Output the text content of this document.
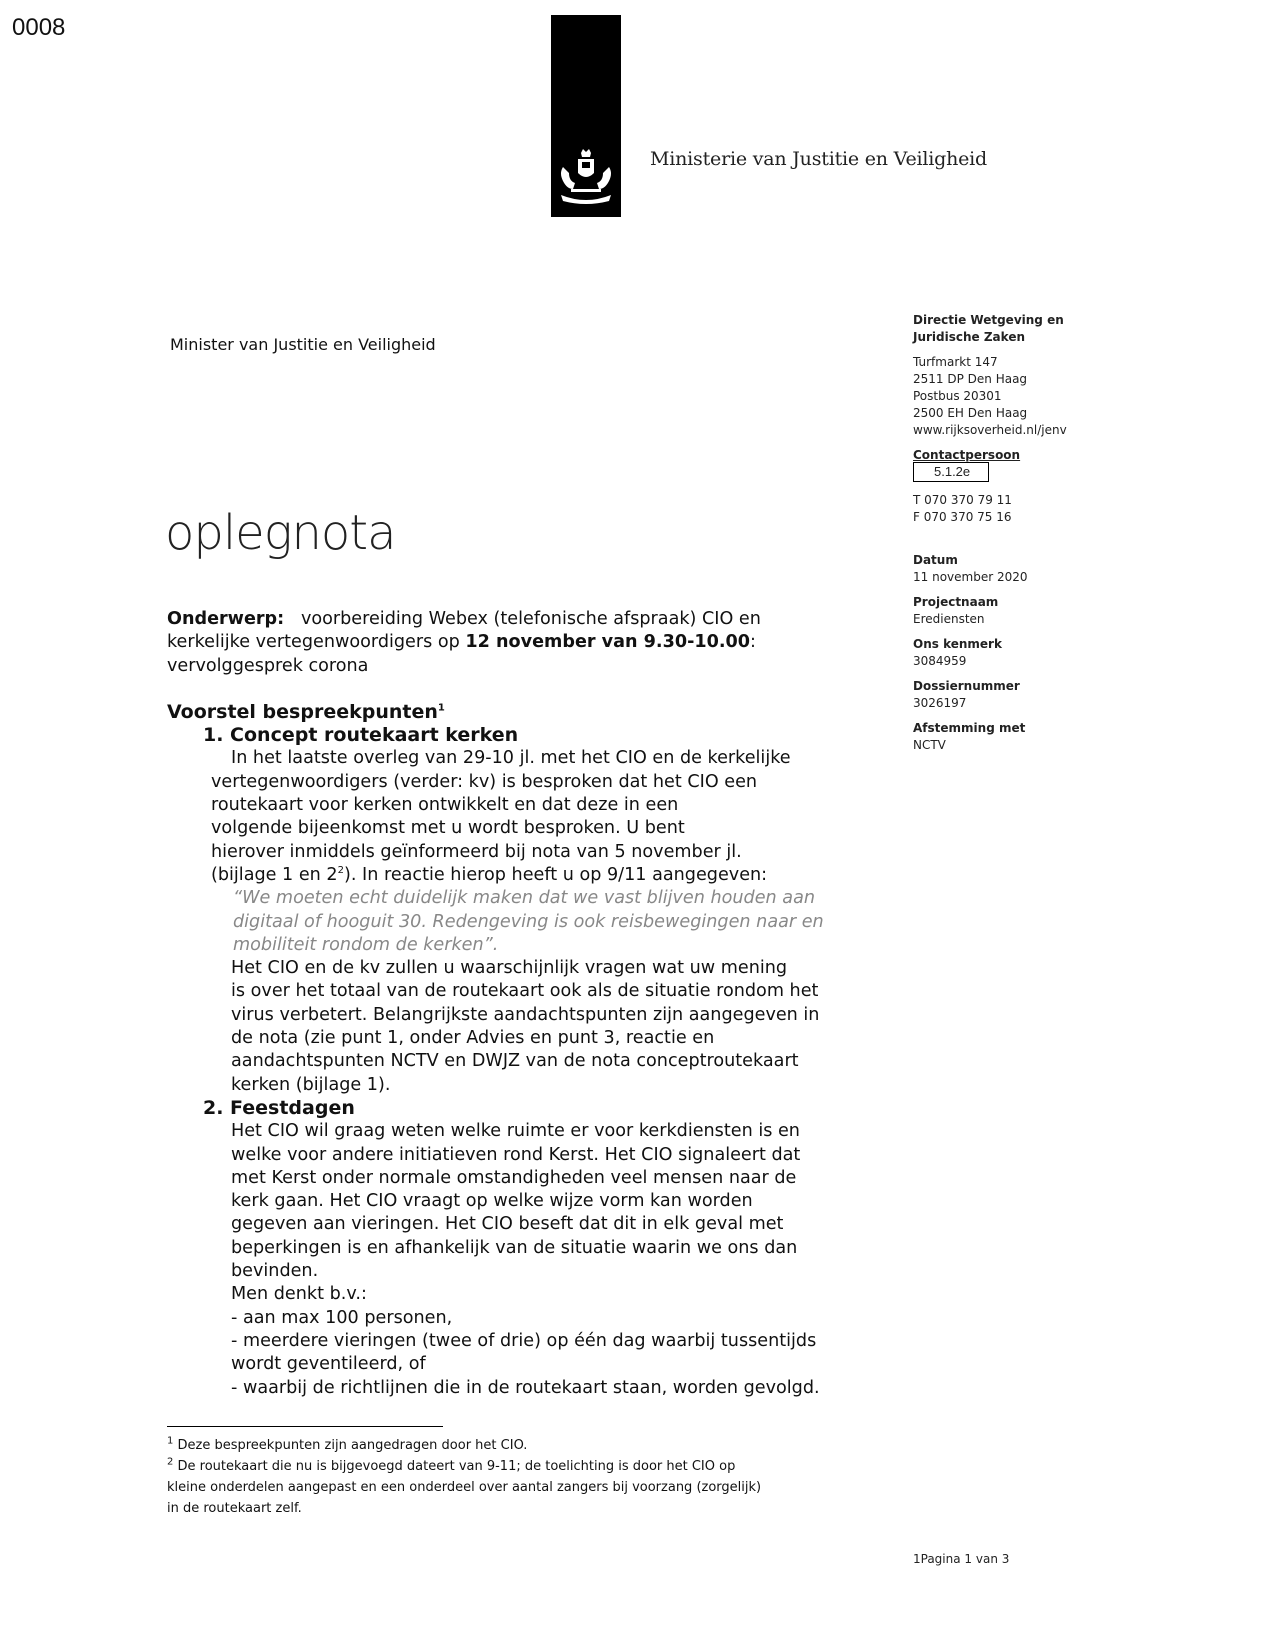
0008
Ministerie van Justitie en Veiligheid
Minister van Justitie en Veiligheid
oplegnota
Directie Wetgeving en Juridische Zaken
Turfmarkt 147
2511 DP Den Haag
Postbus 20301
2500 EH Den Haag
www.rijksoverheid.nl/jenv
Contactpersoon
5.1.2e
T 070 370 79 11
F 070 370 75 16
Datum
11 november 2020
Projectnaam
Erediensten
Ons kenmerk
3084959
Dossiernummer
3026197
Afstemming met
NCTV
Onderwerp: voorbereiding Webex (telefonische afspraak) CIO en
kerkelijke vertegenwoordigers op 12 november van 9.30-10.00:
vervolggesprek corona
Voorstel bespreekpunten$^1$
1. Concept routekaart kerken
In het laatste overleg van 29-10 jl. met het CIO en de kerkelijke
vertegenwoordigers (verder: kv) is besproken dat het CIO een
routekaart voor kerken ontwikkelt en dat deze in een
volgende bijeenkomst met u wordt besproken. U bent
hierover inmiddels geïnformeerd bij nota van 5 november jl.
(bijlage 1 en $2^2$). In reactie hierop heeft u op 9/11 aangegeven:
“We moeten echt duidelijk maken dat we vast blijven houden aan
digitaal of hooguit 30. Redengeving is ook reisbewegingen naar en
mobiliteit rondom de kerken”.
Het CIO en de kv zullen u waarschijnlijk vragen wat uw mening
is over het totaal van de routekaart ook als de situatie rondom het
virus verbetert. Belangrijkste aandachtspunten zijn aangegeven in
de nota (zie punt 1, onder Advies en punt 3, reactie en
aandachtspunten NCTV en DWJZ van de nota conceptroutekaart
kerken (bijlage 1).
2. Feestdagen
Het CIO wil graag weten welke ruimte er voor kerkdiensten is en
welke voor andere initiatieven rond Kerst. Het CIO signaleert dat
met Kerst onder normale omstandigheden veel mensen naar de
kerk gaan. Het CIO vraagt op welke wijze vorm kan worden
gegeven aan vieringen. Het CIO beseft dat dit in elk geval met
beperkingen is en afhankelijk van de situatie waarin we ons dan
bevinden.
Men denkt b.v.:
- aan max 100 personen,
- meerdere vieringen (twee of drie) op één dag waarbij tussentijds
wordt geventileerd, of
- waarbij de richtlijnen die in de routekaart staan, worden gevolgd.
$^1$ Deze bespreekpunten zijn aangedragen door het CIO.
$^2$ De routekaart die nu is bijgevoegd dateert van 9-11; de toelichting is door het CIO op
kleine onderdelen aangepast en een onderdeel over aantal zangers bij voorzang (zorgelijk)
in de routekaart zelf.
1Pagina 1 van 3
